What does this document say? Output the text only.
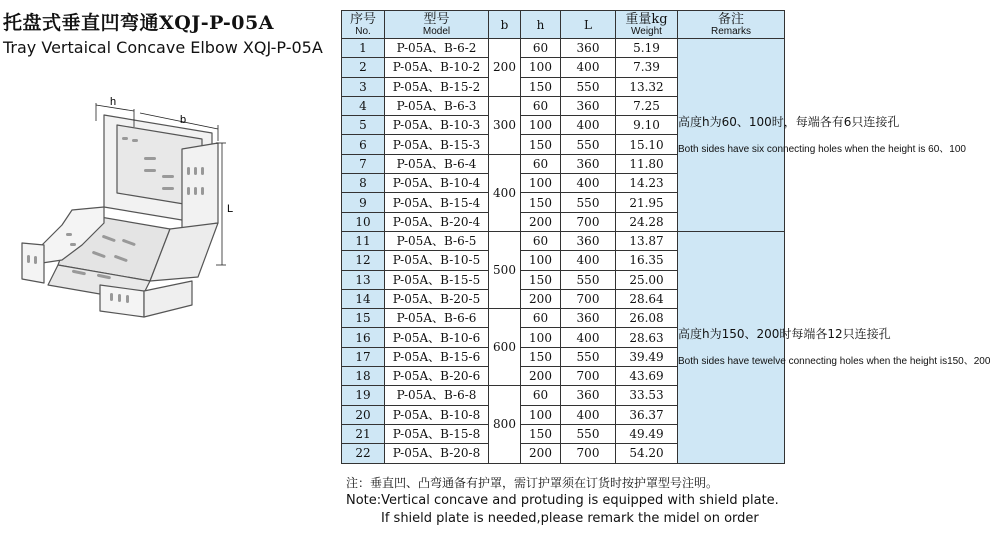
托盘式垂直凹弯通XQJ-P-05A
Tray Vertaical Concave Elbow XQJ-P-05A
h
b
L
序号
No.	型号
Model	b	h	L	重量kg
Weight	备注
Remarks

1	P-05A、B-6-2	200	60	360	5.19	高度h为60、100时，每端各有6只连接孔
Both sides have six connecting holes when the height is 60、100

2	P-05A、B-10-2		100	400	7.39	
3	P-05A、B-15-2		150	550	13.32	
4	P-05A、B-6-3	300	60	360	7.25	
5	P-05A、B-10-3		100	400	9.10	
6	P-05A、B-15-3		150	550	15.10	
7	P-05A、B-6-4	400	60	360	11.80	
8	P-05A、B-10-4		100	400	14.23	
9	P-05A、B-15-4		150	550	21.95	
10	P-05A、B-20-4		200	700	24.28	
11	P-05A、B-6-5	500	60	360	13.87	高度h为150、200时每端各12只连接孔
Both sides have tewelve connecting holes when the height is150、200

12	P-05A、B-10-5		100	400	16.35	
13	P-05A、B-15-5		150	550	25.00	
14	P-05A、B-20-5		200	700	28.64	
15	P-05A、B-6-6	600	60	360	26.08	
16	P-05A、B-10-6		100	400	28.63	
17	P-05A、B-15-6		150	550	39.49	
18	P-05A、B-20-6		200	700	43.69	
19	P-05A、B-6-8	800	60	360	33.53	
20	P-05A、B-10-8		100	400	36.37	
21	P-05A、B-15-8		150	550	49.49	
22	P-05A、B-20-8		200	700	54.20	
注：垂直凹、凸弯通备有护罩，需订护罩须在订货时按护罩型号注明。
Note:Vertical concave and protuding is equipped with shield plate.
If shield plate is needed,please remark the midel on order
